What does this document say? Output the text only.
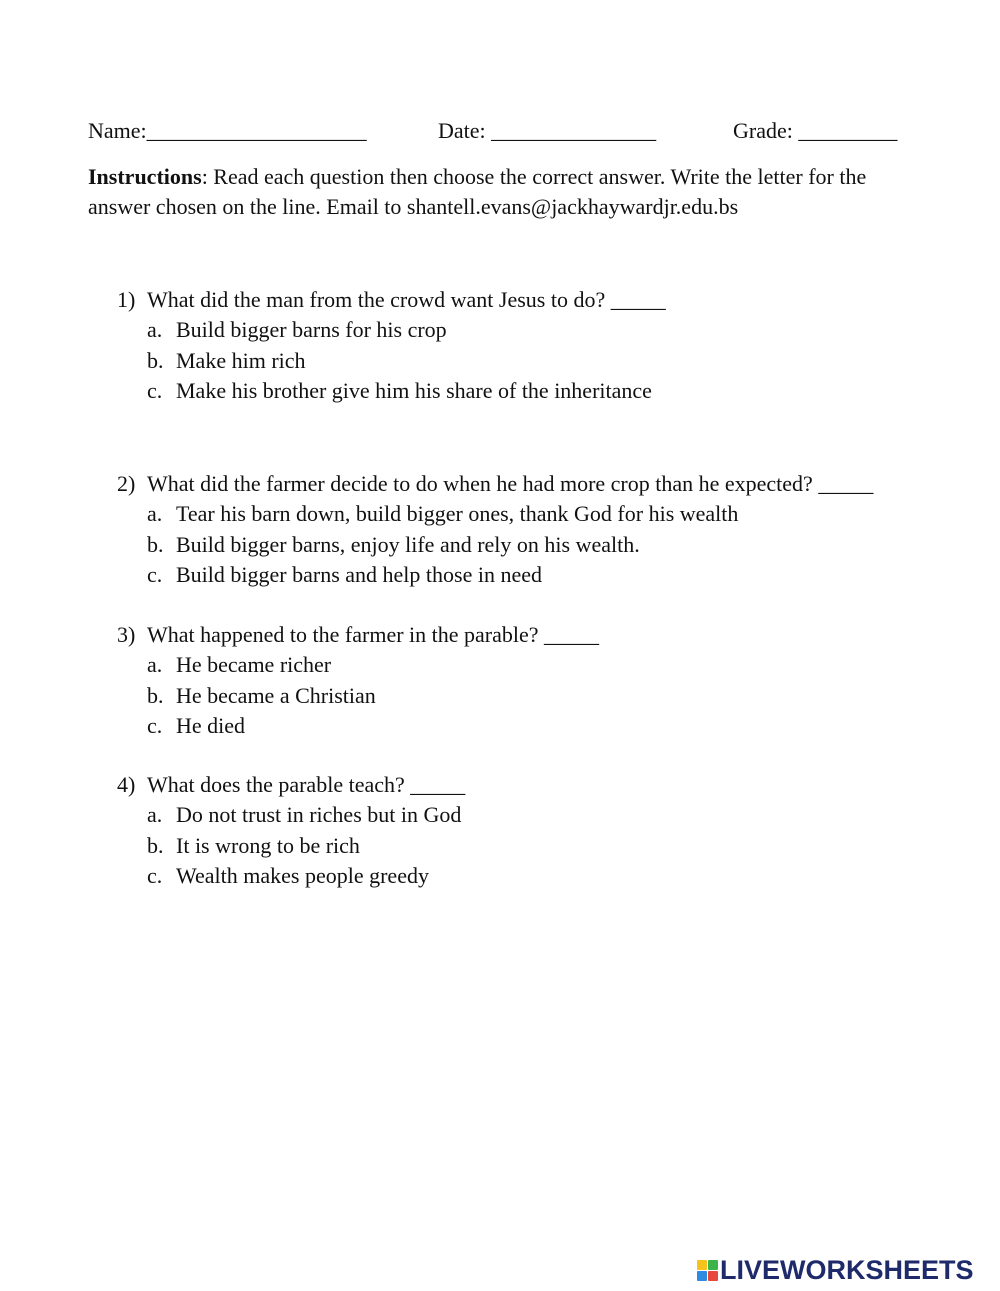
Name:____________________	Date: _______________	Grade: _________
Instructions: Read each question then choose the correct answer. Write the letter for the answer chosen on the line. Email to shantell.evans@jackhaywardjr.edu.bs
1) What did the man from the crowd want Jesus to do? _____
a. Build bigger barns for his crop
b. Make him rich
c. Make his brother give him his share of the inheritance
2) What did the farmer decide to do when he had more crop than he expected? _____
a. Tear his barn down, build bigger ones, thank God for his wealth
b. Build bigger barns, enjoy life and rely on his wealth.
c. Build bigger barns and help those in need
3) What happened to the farmer in the parable? _____
a. He became richer
b. He became a Christian
c. He died
4) What does the parable teach? _____
a. Do not trust in riches but in God
b. It is wrong to be rich
c. Wealth makes people greedy
LIVEWORKSHEETS
